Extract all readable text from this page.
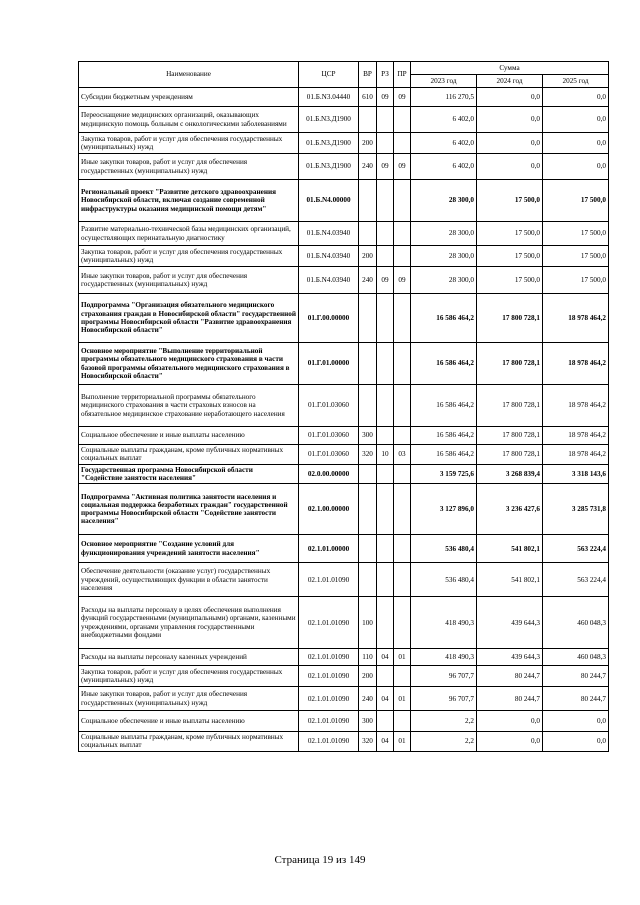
Наименование	ЦСР	ВР	РЗ	ПР	Сумма		
					2023 год	2024 год	2025 год
Субсидии бюджетным учреждениям	01.Б.N3.04440	610	09	09	116 270,5	0,0	0,0
Переоснащение медицинских организаций, оказывающих медицинскую помощь больным с онкологическими заболеваниями	01.Б.N3.Д1900				6 402,0	0,0	0,0
Закупка товаров, работ и услуг для обеспечения государственных (муниципальных) нужд	01.Б.N3.Д1900	200			6 402,0	0,0	0,0
Иные закупки товаров, работ и услуг для обеспечения государственных (муниципальных) нужд	01.Б.N3.Д1900	240	09	09	6 402,0	0,0	0,0
Региональный проект "Развитие детского здравоохранения Новосибирской области, включая создание современной инфраструктуры оказания медицинской помощи детям"	01.Б.N4.00000				28 300,0	17 500,0	17 500,0
Развитие материально-технической базы медицинских организаций, осуществляющих перинатальную диагностику	01.Б.N4.03940				28 300,0	17 500,0	17 500,0
Закупка товаров, работ и услуг для обеспечения государственных (муниципальных) нужд	01.Б.N4.03940	200			28 300,0	17 500,0	17 500,0
Иные закупки товаров, работ и услуг для обеспечения государственных (муниципальных) нужд	01.Б.N4.03940	240	09	09	28 300,0	17 500,0	17 500,0
Подпрограмма "Организация обязательного медицинского страхования граждан в Новосибирской области" государственной программы Новосибирской области "Развитие здравоохранения Новосибирской области"	01.Г.00.00000				16 586 464,2	17 800 728,1	18 978 464,2
Основное мероприятие "Выполнение территориальной программы обязательного медицинского страхования в части базовой программы обязательного медицинского страхования в Новосибирской области"	01.Г.01.00000				16 586 464,2	17 800 728,1	18 978 464,2
Выполнение территориальной программы обязательного медицинского страхования в части страховых взносов на обязательное медицинское страхование неработающего населения	01.Г.01.03060				16 586 464,2	17 800 728,1	18 978 464,2
Социальное обеспечение и иные выплаты населению	01.Г.01.03060	300			16 586 464,2	17 800 728,1	18 978 464,2
Социальные выплаты гражданам, кроме публичных нормативных социальных выплат	01.Г.01.03060	320	10	03	16 586 464,2	17 800 728,1	18 978 464,2
Государственная программа Новосибирской области "Содействие занятости населения"	02.0.00.00000				3 159 725,6	3 268 839,4	3 318 143,6
Подпрограмма "Активная политика занятости населения и социальная поддержка безработных граждан" государственной программы Новосибирской области "Содействие занятости населения"	02.1.00.00000				3 127 896,0	3 236 427,6	3 285 731,8
Основное мероприятие "Создание условий для функционирования учреждений занятости населения"	02.1.01.00000				536 480,4	541 802,1	563 224,4
Обеспечение деятельности (оказание услуг) государственных учреждений, осуществляющих функции в области занятости населения	02.1.01.01090				536 480,4	541 802,1	563 224,4
Расходы на выплаты персоналу в целях обеспечения выполнения функций государственными (муниципальными) органами, казенными учреждениями, органами управления государственными внебюджетными фондами	02.1.01.01090	100			418 490,3	439 644,3	460 048,3
Расходы на выплаты персоналу казенных учреждений	02.1.01.01090	110	04	01	418 490,3	439 644,3	460 048,3
Закупка товаров, работ и услуг для обеспечения государственных (муниципальных) нужд	02.1.01.01090	200			96 707,7	80 244,7	80 244,7
Иные закупки товаров, работ и услуг для обеспечения государственных (муниципальных) нужд	02.1.01.01090	240	04	01	96 707,7	80 244,7	80 244,7
Социальное обеспечение и иные выплаты населению	02.1.01.01090	300			2,2	0,0	0,0
Социальные выплаты гражданам, кроме публичных нормативных социальных выплат	02.1.01.01090	320	04	01	2,2	0,0	0,0
Страница 19 из 149
